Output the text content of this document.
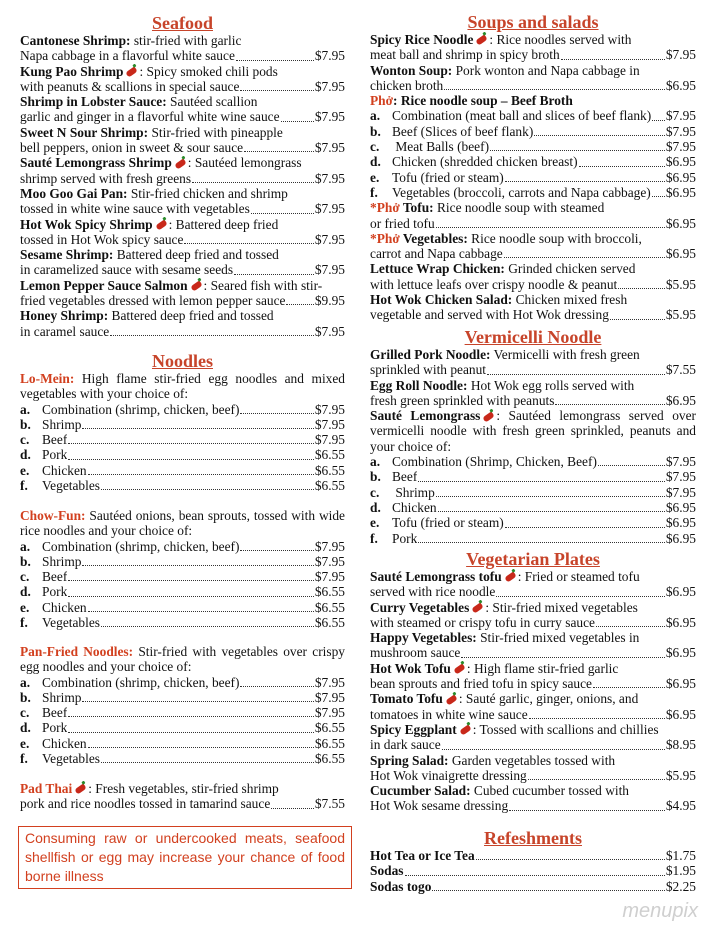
Seafood
Cantonese Shrimp: stir-fried with garlic
Napa cabbage in a flavorful white sauce	$7.95
Kung Pao Shrimp : Spicy smoked chili pods
with peanuts & scallions in special sauce	$7.95
Shrimp in Lobster Sauce: Sautéed scallion
garlic and ginger in a flavorful white wine sauce	$7.95
Sweet N Sour Shrimp: Stir-fried with pineapple
bell peppers, onion in sweet & sour sauce	$7.95
Sauté Lemongrass Shrimp : Sautéed lemongrass
shrimp served with fresh greens	$7.95
Moo Goo Gai Pan: Stir-fried chicken and shrimp
tossed in white wine sauce with vegetables	$7.95
Hot Wok Spicy Shrimp : Battered deep fried
tossed in Hot Wok spicy sauce	$7.95
Sesame Shrimp: Battered deep fried and tossed
in caramelized sauce with sesame seeds	$7.95
Lemon Pepper Sauce Salmon : Seared fish with stir-
fried vegetables dressed with lemon pepper sauce $9.95
Honey Shrimp: Battered deep fried and tossed
in caramel sauce	$7.95
Noodles
Lo-Mein: High flame stir-fried egg noodles and mixed vegetables with your choice of:
a. Combination (shrimp, chicken, beef)	$7.95
b. Shrimp	$7.95
c. Beef	$7.95
d. Pork	$6.55
e. Chicken	$6.55
f. Vegetables	$6.55
Chow-Fun: Sautéed onions, bean sprouts, tossed with wide rice noodles and your choice of:
a. Combination (shrimp, chicken, beef)	$7.95
b. Shrimp	$7.95
c. Beef	$7.95
d. Pork	$6.55
e. Chicken	$6.55
f. Vegetables	$6.55
Pan-Fried Noodles: Stir-fried with vegetables over crispy egg noodles and your choice of:
a. Combination (shrimp, chicken, beef)	$7.95
b. Shrimp	$7.95
c. Beef	$7.95
d. Pork	$6.55
e. Chicken	$6.55
f. Vegetables	$6.55
Pad Thai : Fresh vegetables, stir-fried shrimp
pork and rice noodles tossed in tamarind sauce	$7.55
Soups and salads
Spicy Rice Noodle : Rice noodles served with
meat ball and shrimp in spicy broth	$7.95
Wonton Soup: Pork wonton and Napa cabbage in
chicken broth	$6.95
Phở: Rice noodle soup – Beef Broth
a. Combination (meat ball and slices of beef flank) $7.95
b. Beef (Slices of beef flank)	$7.95
c. Meat Balls (beef)	$7.95
d. Chicken (shredded chicken breast)	$6.95
e. Tofu (fried or steam)	$6.95
f. Vegetables (broccoli, carrots and Napa cabbage) $6.95
*Phở Tofu: Rice noodle soup with steamed
or fried tofu	$6.95
*Phở Vegetables: Rice noodle soup with broccoli,
carrot and Napa cabbage	$6.95
Lettuce Wrap Chicken: Grinded chicken served
with lettuce leafs over crispy noodle & peanut	$5.95
Hot Wok Chicken Salad: Chicken mixed fresh
vegetable and served with Hot Wok dressing	$5.95
Vermicelli Noodle
Grilled Pork Noodle: Vermicelli with fresh green
sprinkled with peanut	$7.55
Egg Roll Noodle: Hot Wok egg rolls served with
fresh green sprinkled with peanuts	$6.95
Sauté Lemongrass : Sautéed lemongrass served over vermicelli noodle with fresh green sprinkled, peanuts and your choice of:
a. Combination (Shrimp, Chicken, Beef)	$7.95
b. Beef	$7.95
c. Shrimp	$7.95
d. Chicken	$6.95
e. Tofu (fried or steam)	$6.95
f. Pork	$6.95
Vegetarian Plates
Sauté Lemongrass tofu : Fried or steamed tofu
served with rice noodle	$6.95
Curry Vegetables : Stir-fried mixed vegetables
with steamed or crispy tofu in curry sauce	$6.95
Happy Vegetables: Stir-fried mixed vegetables in
mushroom sauce	$6.95
Hot Wok Tofu : High flame stir-fried garlic
bean sprouts and fried tofu in spicy sauce	$6.95
Tomato Tofu : Sauté garlic, ginger, onions, and
tomatoes in white wine sauce	$6.95
Spicy Eggplant : Tossed with scallions and chillies
in dark sauce	$8.95
Spring Salad: Garden vegetables tossed with
Hot Wok vinaigrette dressing	$5.95
Cucumber Salad: Cubed cucumber tossed with
Hot Wok sesame dressing	$4.95
Refeshments
Hot Tea or Ice Tea	$1.75
Sodas	$1.95
Sodas togo	$2.25
Consuming raw or undercooked meats, seafood shellfish or egg may increase your chance of food borne illness
menupix
